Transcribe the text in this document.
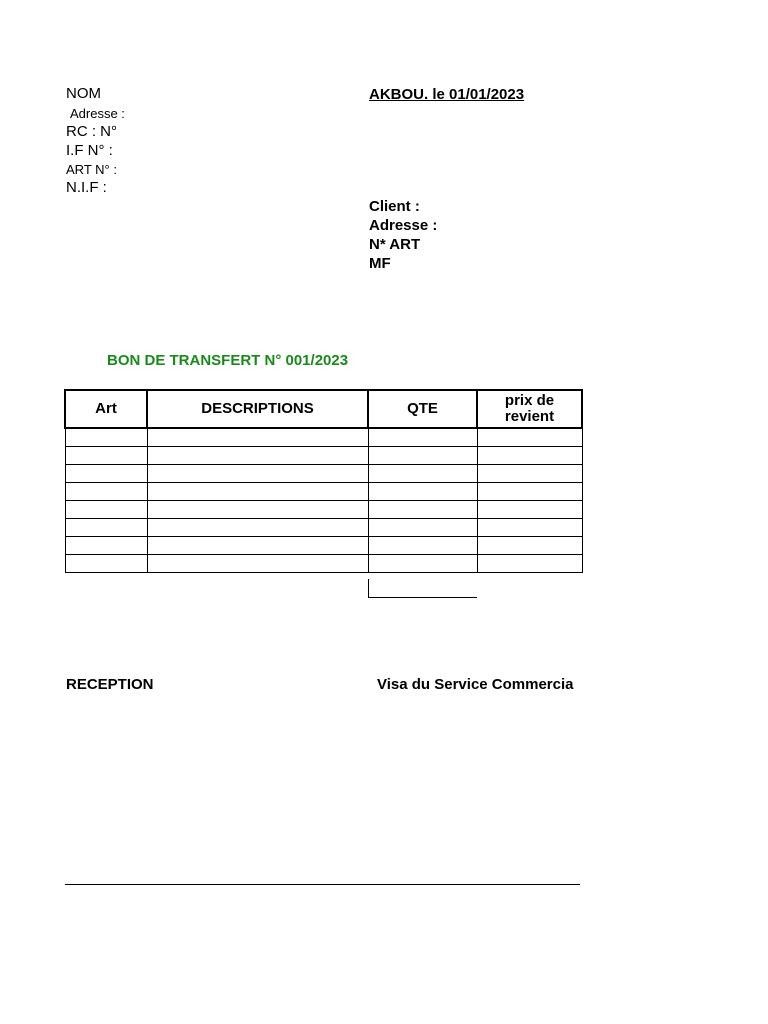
NOM
Adresse :
RC : N°
I.F N° :
ART N° :
N.I.F :
AKBOU. le 01/01/2023
Client :
Adresse :
N* ART
MF
BON DE TRANSFERT N° 001/2023
Art	DESCRIPTIONS	QTE	prix de revient

RECEPTION	Visa du Service Commercia
